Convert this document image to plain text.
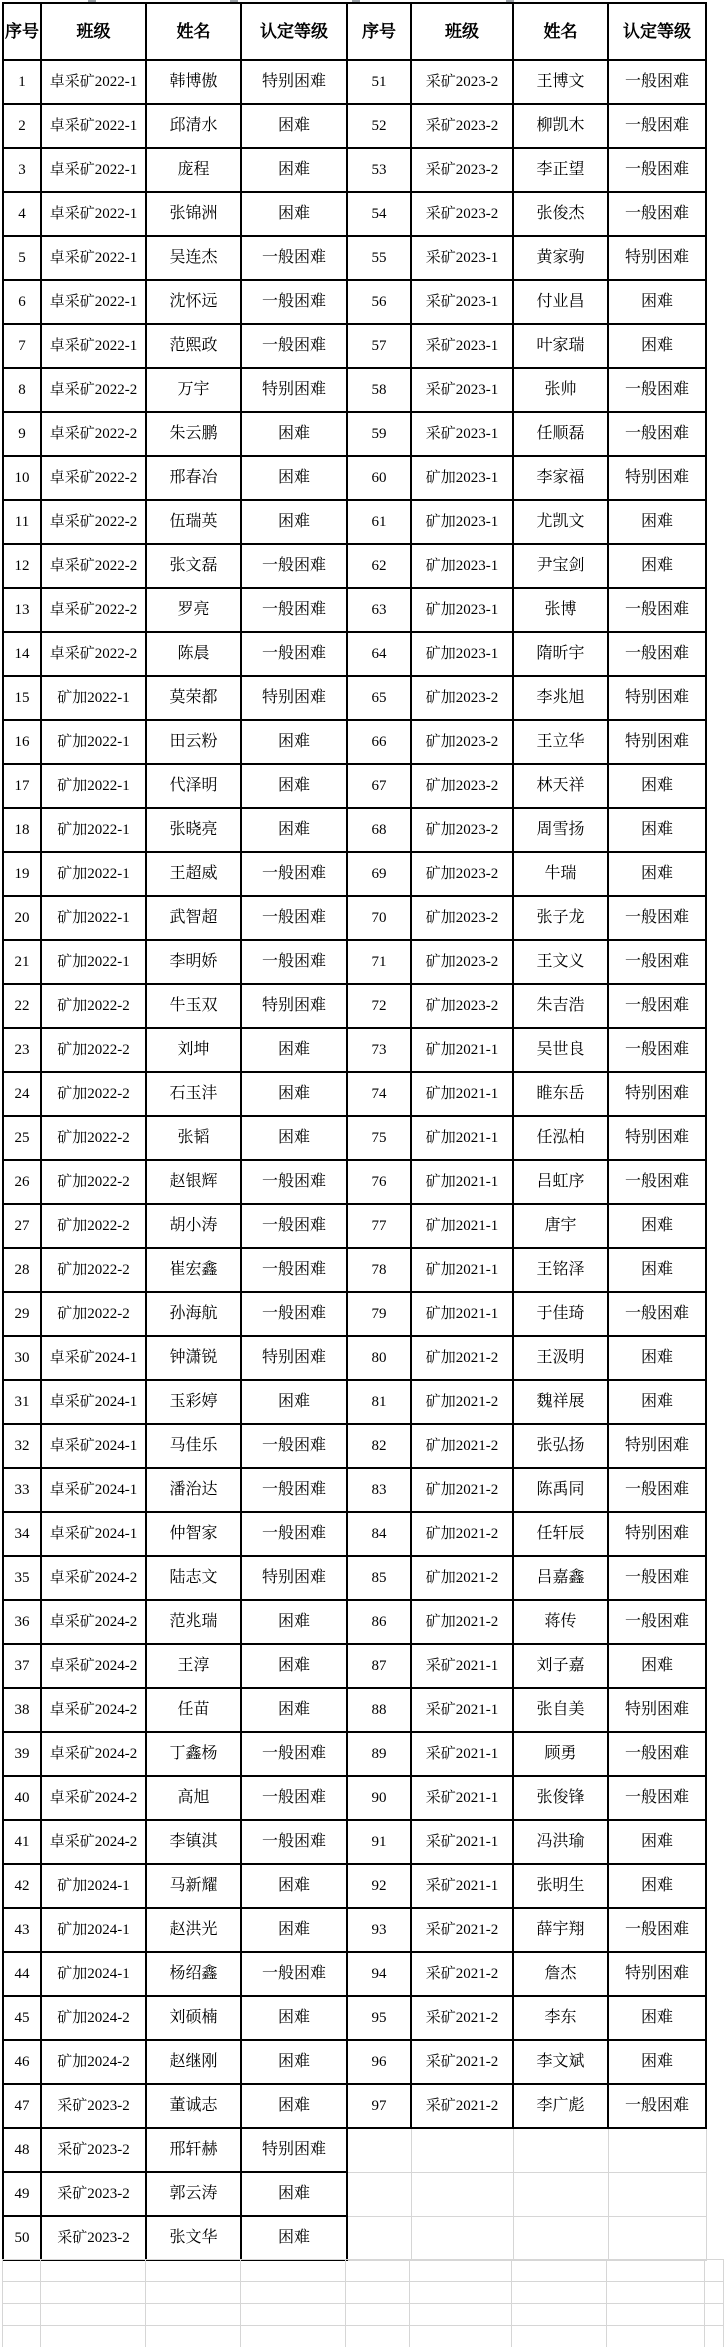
序号	班级	姓名	认定等级	序号	班级	姓名	认定等级
1	卓采矿2022-1	韩博傲	特别困难	51	采矿2023-2	王博文	一般困难
2	卓采矿2022-1	邱清水	困难	52	采矿2023-2	柳凯木	一般困难
3	卓采矿2022-1	庞程	困难	53	采矿2023-2	李正望	一般困难
4	卓采矿2022-1	张锦洲	困难	54	采矿2023-2	张俊杰	一般困难
5	卓采矿2022-1	吴连杰	一般困难	55	采矿2023-1	黄家驹	特别困难
6	卓采矿2022-1	沈怀远	一般困难	56	采矿2023-1	付业昌	困难
7	卓采矿2022-1	范熙政	一般困难	57	采矿2023-1	叶家瑞	困难
8	卓采矿2022-2	万宇	特别困难	58	采矿2023-1	张帅	一般困难
9	卓采矿2022-2	朱云鹏	困难	59	采矿2023-1	任顺磊	一般困难
10	卓采矿2022-2	邢春冶	困难	60	矿加2023-1	李家福	特别困难
11	卓采矿2022-2	伍瑞英	困难	61	矿加2023-1	尤凯文	困难
12	卓采矿2022-2	张文磊	一般困难	62	矿加2023-1	尹宝剑	困难
13	卓采矿2022-2	罗亮	一般困难	63	矿加2023-1	张博	一般困难
14	卓采矿2022-2	陈晨	一般困难	64	矿加2023-1	隋昕宇	一般困难
15	矿加2022-1	莫荣都	特别困难	65	矿加2023-2	李兆旭	特别困难
16	矿加2022-1	田云粉	困难	66	矿加2023-2	王立华	特别困难
17	矿加2022-1	代泽明	困难	67	矿加2023-2	林天祥	困难
18	矿加2022-1	张晓亮	困难	68	矿加2023-2	周雪扬	困难
19	矿加2022-1	王超威	一般困难	69	矿加2023-2	牛瑞	困难
20	矿加2022-1	武智超	一般困难	70	矿加2023-2	张子龙	一般困难
21	矿加2022-1	李明娇	一般困难	71	矿加2023-2	王文义	一般困难
22	矿加2022-2	牛玉双	特别困难	72	矿加2023-2	朱吉浩	一般困难
23	矿加2022-2	刘坤	困难	73	矿加2021-1	吴世良	一般困难
24	矿加2022-2	石玉沣	困难	74	矿加2021-1	睢东岳	特别困难
25	矿加2022-2	张韬	困难	75	矿加2021-1	任泓柏	特别困难
26	矿加2022-2	赵银辉	一般困难	76	矿加2021-1	吕虹序	一般困难
27	矿加2022-2	胡小涛	一般困难	77	矿加2021-1	唐宇	困难
28	矿加2022-2	崔宏鑫	一般困难	78	矿加2021-1	王铭泽	困难
29	矿加2022-2	孙海航	一般困难	79	矿加2021-1	于佳琦	一般困难
30	卓采矿2024-1	钟潇锐	特别困难	80	矿加2021-2	王汲明	困难
31	卓采矿2024-1	玉彩婷	困难	81	矿加2021-2	魏祥展	困难
32	卓采矿2024-1	马佳乐	一般困难	82	矿加2021-2	张弘扬	特别困难
33	卓采矿2024-1	潘治达	一般困难	83	矿加2021-2	陈禹同	一般困难
34	卓采矿2024-1	仲智家	一般困难	84	矿加2021-2	任轩辰	特别困难
35	卓采矿2024-2	陆志文	特别困难	85	矿加2021-2	吕嘉鑫	一般困难
36	卓采矿2024-2	范兆瑞	困难	86	矿加2021-2	蒋传	一般困难
37	卓采矿2024-2	王淳	困难	87	采矿2021-1	刘子嘉	困难
38	卓采矿2024-2	任苗	困难	88	采矿2021-1	张自美	特别困难
39	卓采矿2024-2	丁鑫杨	一般困难	89	采矿2021-1	顾勇	一般困难
40	卓采矿2024-2	高旭	一般困难	90	采矿2021-1	张俊锋	一般困难
41	卓采矿2024-2	李镇淇	一般困难	91	采矿2021-1	冯洪瑜	困难
42	矿加2024-1	马新耀	困难	92	采矿2021-1	张明生	困难
43	矿加2024-1	赵洪光	困难	93	采矿2021-2	薛宇翔	一般困难
44	矿加2024-1	杨绍鑫	一般困难	94	采矿2021-2	詹杰	特别困难
45	矿加2024-2	刘硕楠	困难	95	采矿2021-2	李东	困难
46	矿加2024-2	赵继刚	困难	96	采矿2021-2	李文斌	困难
47	采矿2023-2	董诚志	困难	97	采矿2021-2	李广彪	一般困难
48	采矿2023-2	邢轩赫	特别困难				
49	采矿2023-2	郭云涛	困难				
50	采矿2023-2	张文华	困难				
